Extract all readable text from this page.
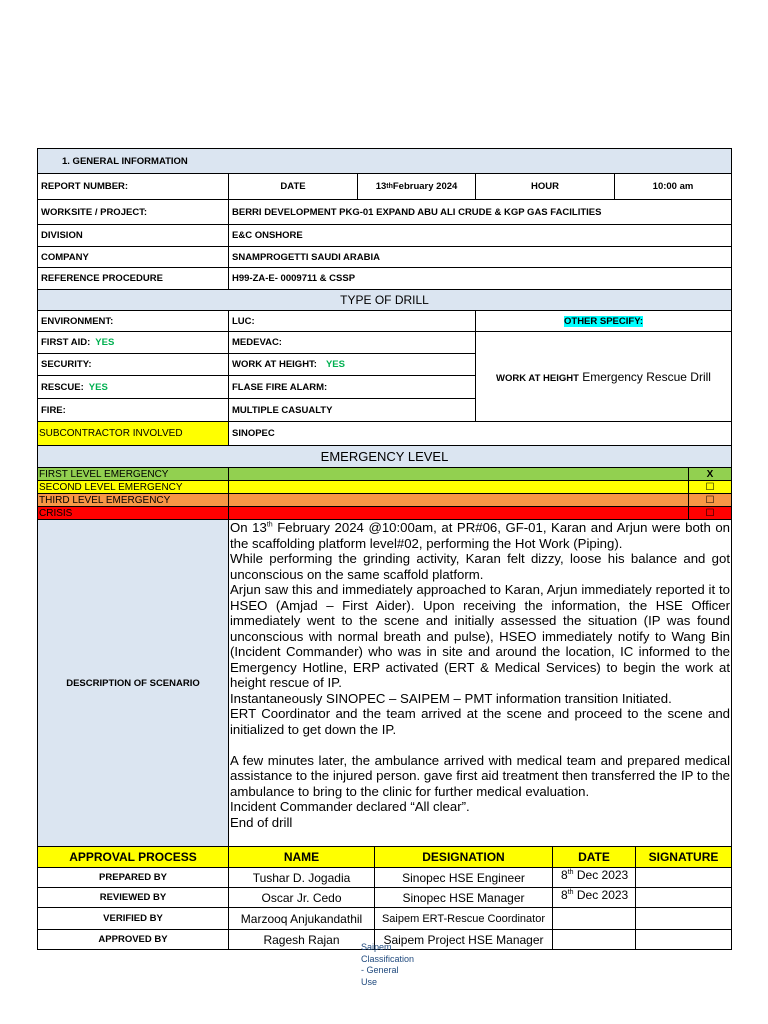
1. GENERAL INFORMATION
REPORT NUMBER:	DATE	13 th February 2024	HOUR	10:00 am
WORKSITE / PROJECT:	BERRI DEVELOPMENT PKG-01 EXPAND ABU ALI CRUDE & KGP GAS FACILITIES
DIVISION	E&C ONSHORE
COMPANY	SNAMPROGETTI SAUDI ARABIA
REFERENCE PROCEDURE	H99-ZA-E- 0009711 & CSSP
TYPE OF DRILL
ENVIRONMENT:	LUC:	OTHER SPECIFY:
FIRST AID: YES	MEDEVAC:
SECURITY:	WORK AT HEIGHT: YES
RESCUE: YES	FLASE FIRE ALARM:
FIRE:	MULTIPLE CASUALTY
WORK AT HEIGHT Emergency Rescue Drill
SUBCONTRACTOR INVOLVED	SINOPEC
EMERGENCY LEVEL
FIRST LEVEL EMERGENCY	X
SECOND LEVEL EMERGENCY	☐
THIRD LEVEL EMERGENCY	☐
CRISIS	☐
DESCRIPTION OF SCENARIO

On 13th February 2024 @10:00am, at PR#06, GF-01, Karan and Arjun were both on the scaffolding platform level#02, performing the Hot Work (Piping).

While performing the grinding activity, Karan felt dizzy, loose his balance and got unconscious on the same scaffold platform.

Arjun saw this and immediately approached to Karan, Arjun immediately reported it to HSEO (Amjad – First Aider). Upon receiving the information, the HSE Officer immediately went to the scene and initially assessed the situation (IP was found unconscious with normal breath and pulse), HSEO immediately notify to Wang Bin (Incident Commander) who was in site and around the location, IC informed to the Emergency Hotline, ERP activated (ERT & Medical Services) to begin the work at height rescue of IP.

Instantaneously SINOPEC – SAIPEM – PMT information transition Initiated.

ERT Coordinator and the team arrived at the scene and proceed to the scene and initialized to get down the IP.

A few minutes later, the ambulance arrived with medical team and prepared medical assistance to the injured person. gave first aid treatment then transferred the IP to the ambulance to bring to the clinic for further medical evaluation.

Incident Commander declared “All clear”.

End of drill

APPROVAL PROCESS	NAME	DESIGNATION	DATE	SIGNATURE
PREPARED BY	Tushar D. Jogadia	Sinopec HSE Engineer	8th Dec 2023
REVIEWED BY	Oscar Jr. Cedo	Sinopec HSE Manager	8th Dec 2023
VERIFIED BY	Marzooq Anjukandathil	Saipem ERT-Rescue Coordinator
APPROVED BY	Ragesh Rajan	Saipem Project HSE Manager
Saipem Classification - General Use
